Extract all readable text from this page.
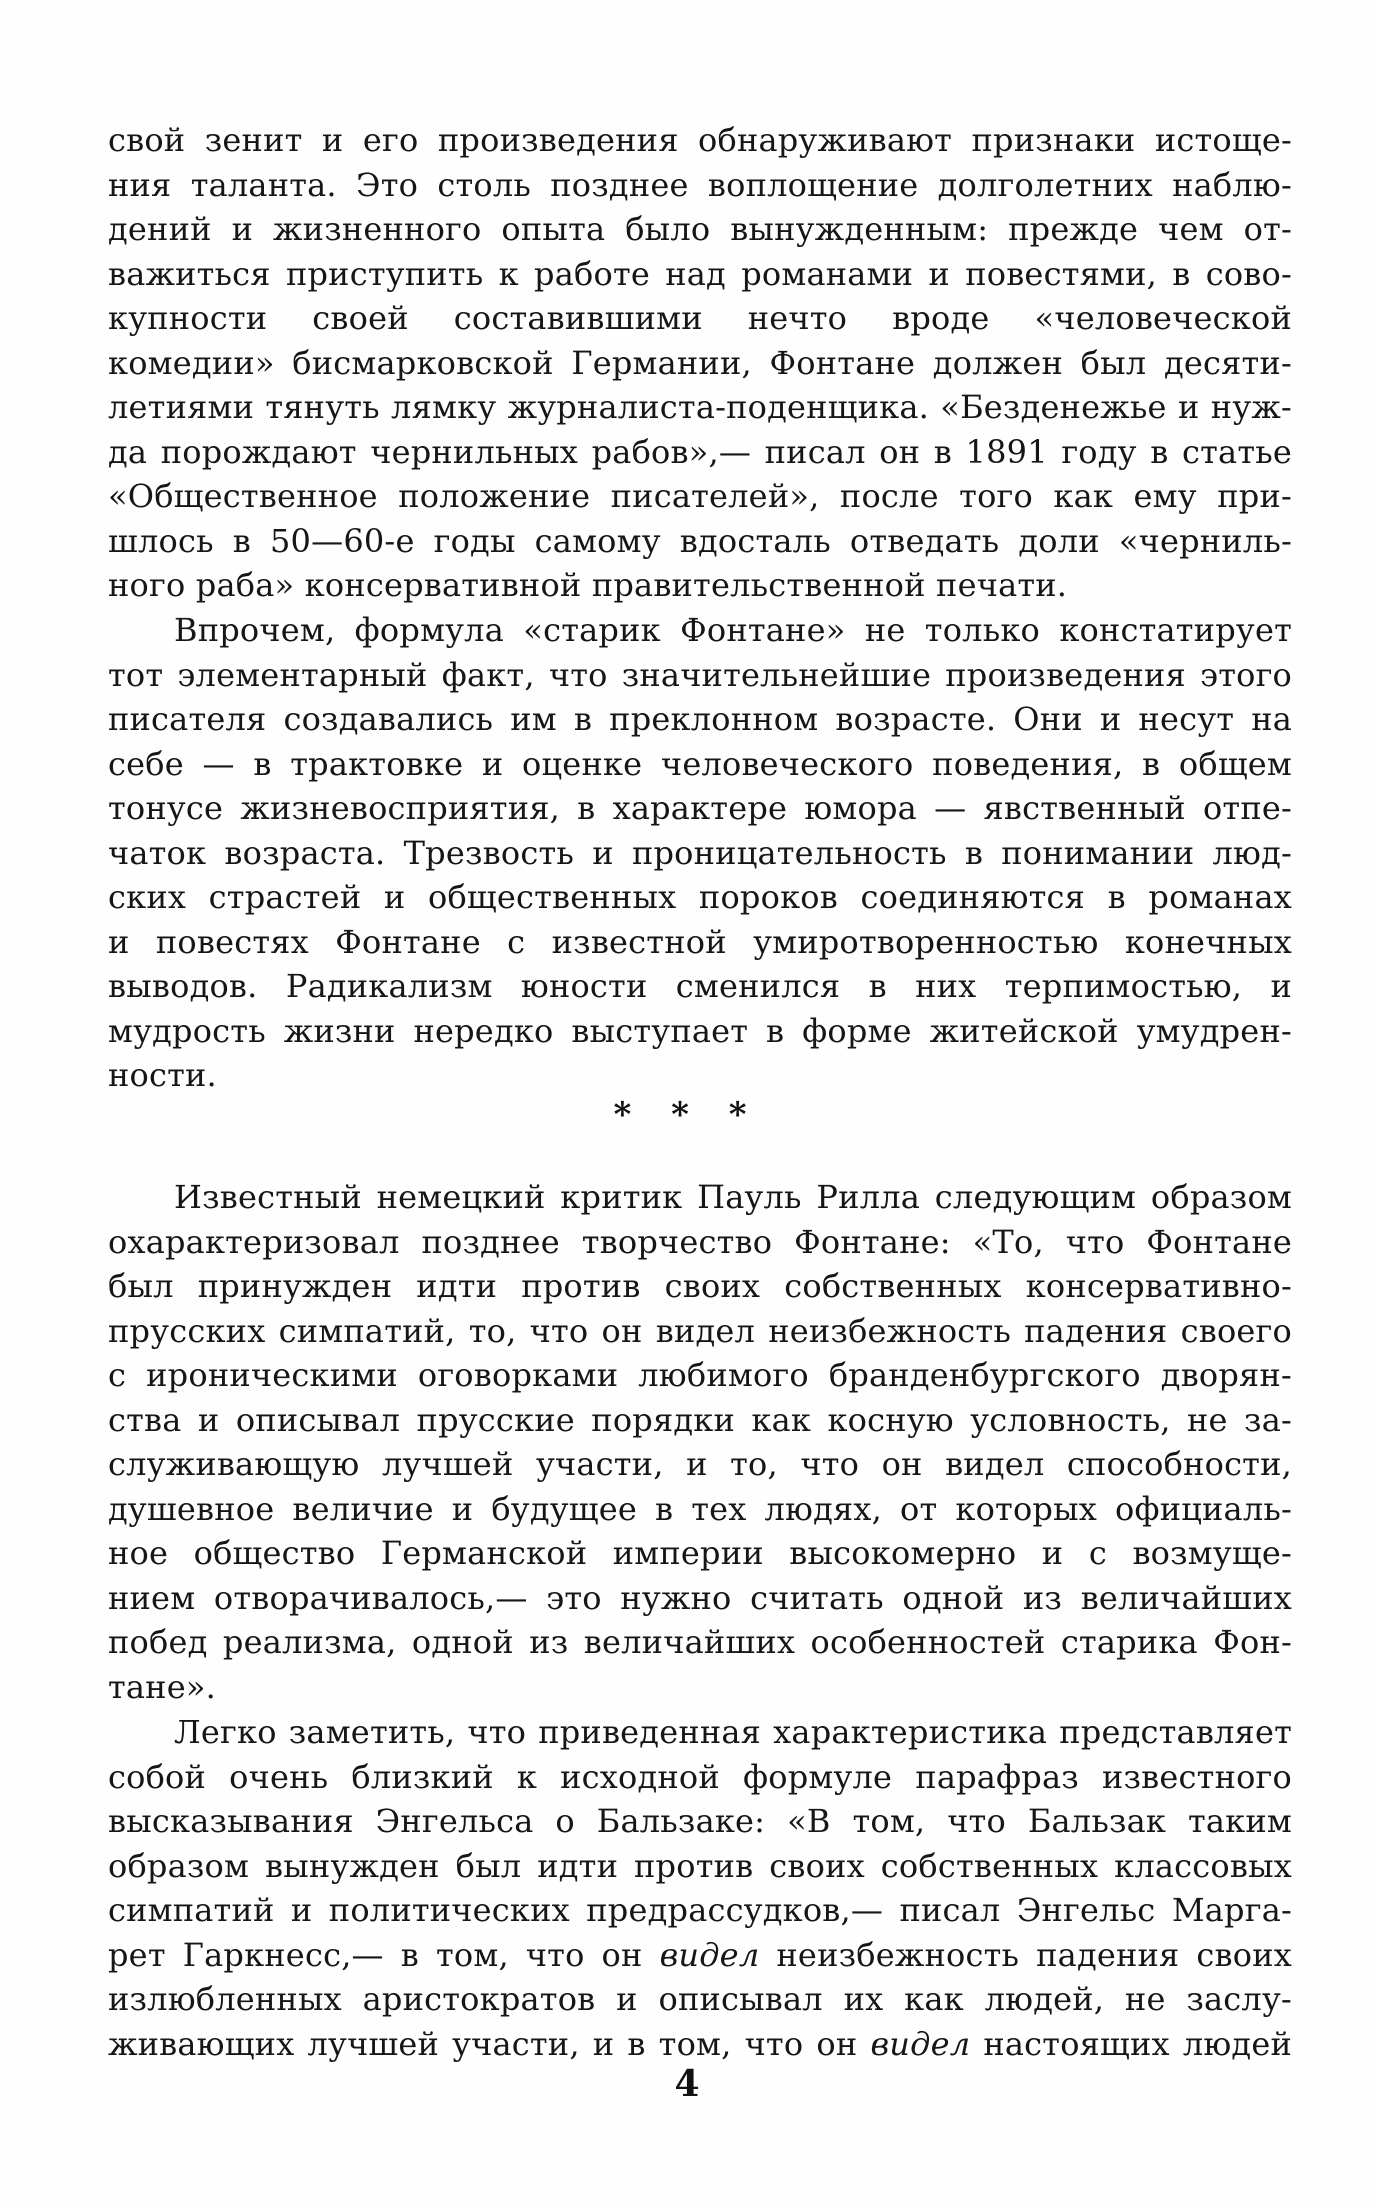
свой зенит и его произведения обнаруживают признаки истоще-
ния таланта. Это столь позднее воплощение долголетних наблю-
дений и жизненного опыта было вынужденным: прежде чем от-
важиться приступить к работе над романами и повестями, в сово-
купности своей составившими нечто вроде «человеческой
комедии» бисмарковской Германии, Фонтане должен был десяти-
летиями тянуть лямку журналиста-поденщика. «Безденежье и нуж-
да порождают чернильных рабов»,— писал он в 1891 году в статье
«Общественное положение писателей», после того как ему при-
шлось в 50—60-е годы самому вдосталь отведать доли «черниль-
ного раба» консервативной правительственной печати.
Впрочем, формула «старик Фонтане» не только констатирует
тот элементарный факт, что значительнейшие произведения этого
писателя создавались им в преклонном возрасте. Они и несут на
себе — в трактовке и оценке человеческого поведения, в общем
тонусе жизневосприятия, в характере юмора — явственный отпе-
чаток возраста. Трезвость и проницательность в понимании люд-
ских страстей и общественных пороков соединяются в романах
и повестях Фонтане с известной умиротворенностью конечных
выводов. Радикализм юности сменился в них терпимостью, и
мудрость жизни нередко выступает в форме житейской умудрен-
ности.
* * *
Известный немецкий критик Пауль Рилла следующим образом
охарактеризовал позднее творчество Фонтане: «То, что Фонтане
был принужден идти против своих собственных консервативно-
прусских симпатий, то, что он видел неизбежность падения своего
с ироническими оговорками любимого бранденбургского дворян-
ства и описывал прусские порядки как косную условность, не за-
служивающую лучшей участи, и то, что он видел способности,
душевное величие и будущее в тех людях, от которых официаль-
ное общество Германской империи высокомерно и с возмуще-
нием отворачивалось,— это нужно считать одной из величайших
побед реализма, одной из величайших особенностей старика Фон-
тане».
Легко заметить, что приведенная характеристика представляет
собой очень близкий к исходной формуле парафраз известного
высказывания Энгельса о Бальзаке: «В том, что Бальзак таким
образом вынужден был идти против своих собственных классовых
симпатий и политических предрассудков,— писал Энгельс Марга-
рет Гаркнесс,— в том, что он видел неизбежность падения своих
излюбленных аристократов и описывал их как людей, не заслу-
живающих лучшей участи, и в том, что он видел настоящих людей
4
